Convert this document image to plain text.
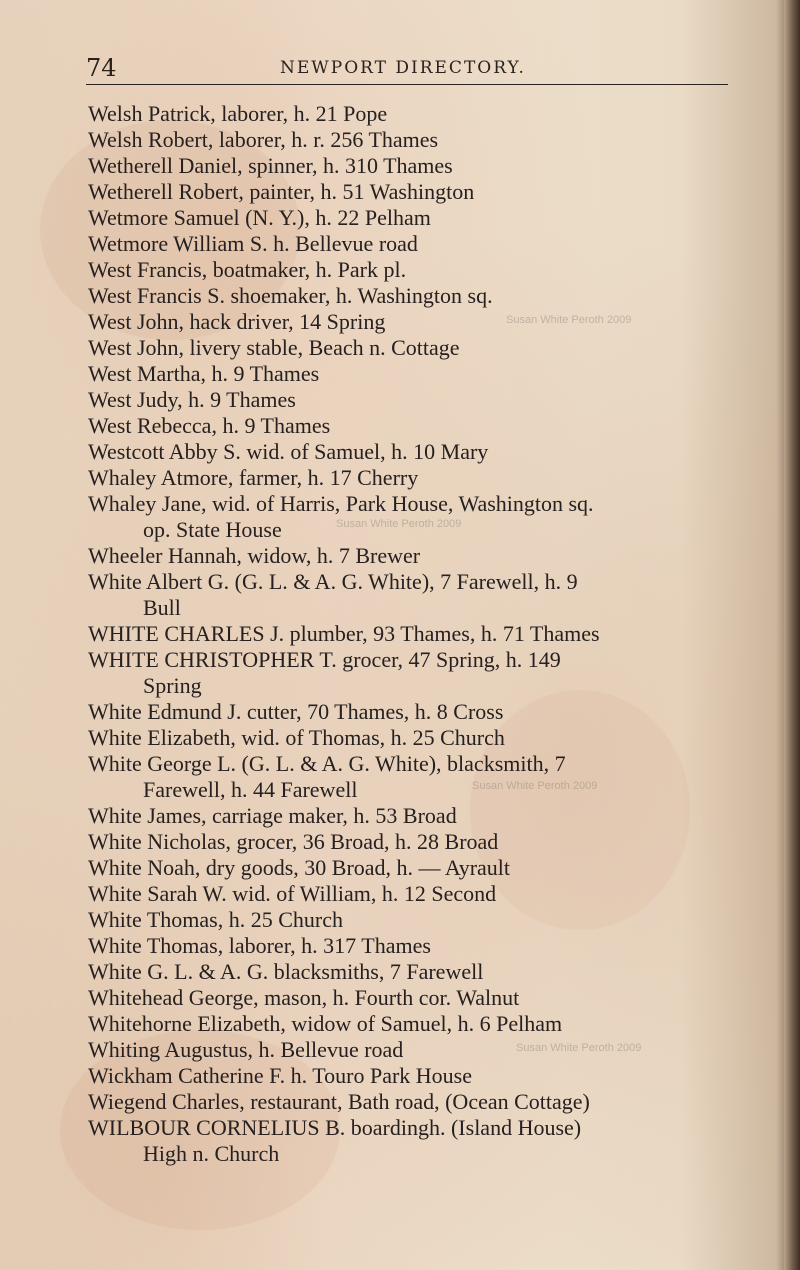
74	NEWPORT DIRECTORY.
Welsh Patrick, laborer, h. 21 Pope
Welsh Robert, laborer, h. r. 256 Thames
Wetherell Daniel, spinner, h. 310 Thames
Wetherell Robert, painter, h. 51 Washington
Wetmore Samuel (N. Y.), h. 22 Pelham
Wetmore William S. h. Bellevue road
West Francis, boatmaker, h. Park pl.
West Francis S. shoemaker, h. Washington sq.
West John, hack driver, 14 Spring
West John, livery stable, Beach n. Cottage
West Martha, h. 9 Thames
West Judy, h. 9 Thames
West Rebecca, h. 9 Thames
Westcott Abby S. wid. of Samuel, h. 10 Mary
Whaley Atmore, farmer, h. 17 Cherry
Whaley Jane, wid. of Harris, Park House, Washington sq.
op. State House
Wheeler Hannah, widow, h. 7 Brewer
White Albert G. (G. L. & A. G. White), 7 Farewell, h. 9
Bull
WHITE CHARLES J. plumber, 93 Thames, h. 71 Thames
WHITE CHRISTOPHER T. grocer, 47 Spring, h. 149
Spring
White Edmund J. cutter, 70 Thames, h. 8 Cross
White Elizabeth, wid. of Thomas, h. 25 Church
White George L. (G. L. & A. G. White), blacksmith, 7
Farewell, h. 44 Farewell
White James, carriage maker, h. 53 Broad
White Nicholas, grocer, 36 Broad, h. 28 Broad
White Noah, dry goods, 30 Broad, h. — Ayrault
White Sarah W. wid. of William, h. 12 Second
White Thomas, h. 25 Church
White Thomas, laborer, h. 317 Thames
White G. L. & A. G. blacksmiths, 7 Farewell
Whitehead George, mason, h. Fourth cor. Walnut
Whitehorne Elizabeth, widow of Samuel, h. 6 Pelham
Whiting Augustus, h. Bellevue road
Wickham Catherine F. h. Touro Park House
Wiegend Charles, restaurant, Bath road, (Ocean Cottage)
WILBOUR CORNELIUS B. boardingh. (Island House)
High n. Church
Susan White Peroth 2009
Susan White Peroth 2009
Susan White Peroth 2009
Susan White Peroth 2009
